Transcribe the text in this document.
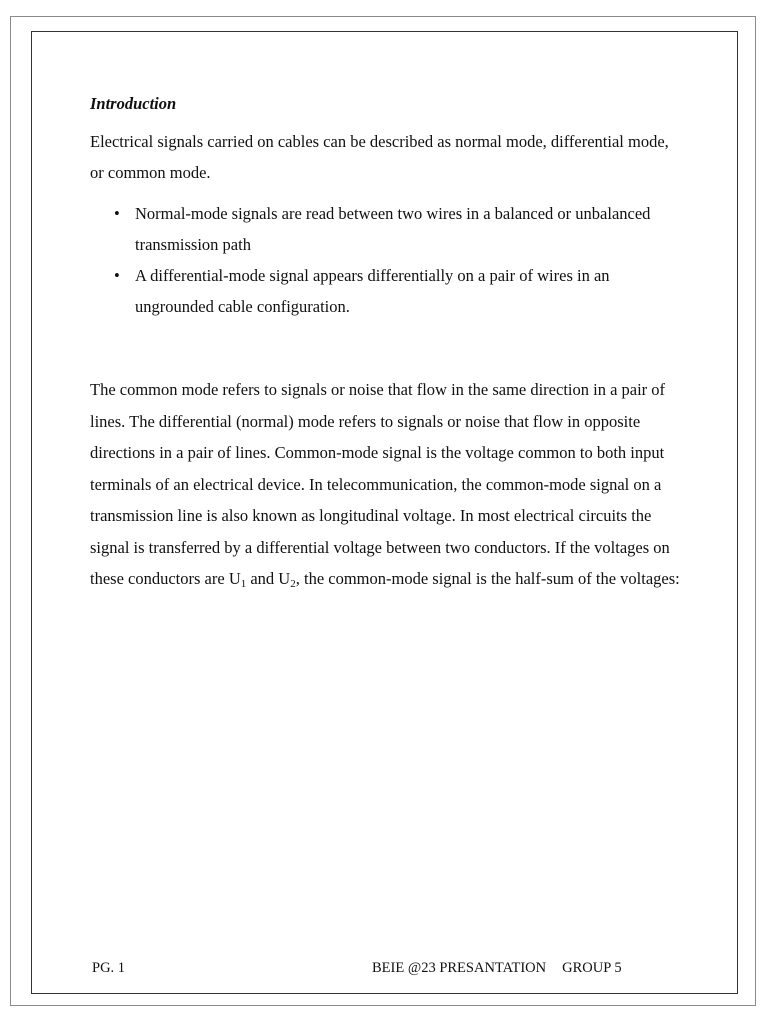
Introduction

Electrical signals carried on cables can be described as normal mode, differential mode, or common mode.

• Normal-mode signals are read between two wires in a balanced or unbalanced transmission path
• A differential-mode signal appears differentially on a pair of wires in an ungrounded cable configuration.

The common mode refers to signals or noise that flow in the same direction in a pair of lines. The differential (normal) mode refers to signals or noise that flow in opposite directions in a pair of lines. Common-mode signal is the voltage common to both input terminals of an electrical device. In telecommunication, the common-mode signal on a transmission line is also known as longitudinal voltage. In most electrical circuits the signal is transferred by a differential voltage between two conductors. If the voltages on these conductors are $U_1$ and $U_2$, the common-mode signal is the half-sum of the voltages:

PG. 1	BEIE @23 PRESANTATION GROUP 5
